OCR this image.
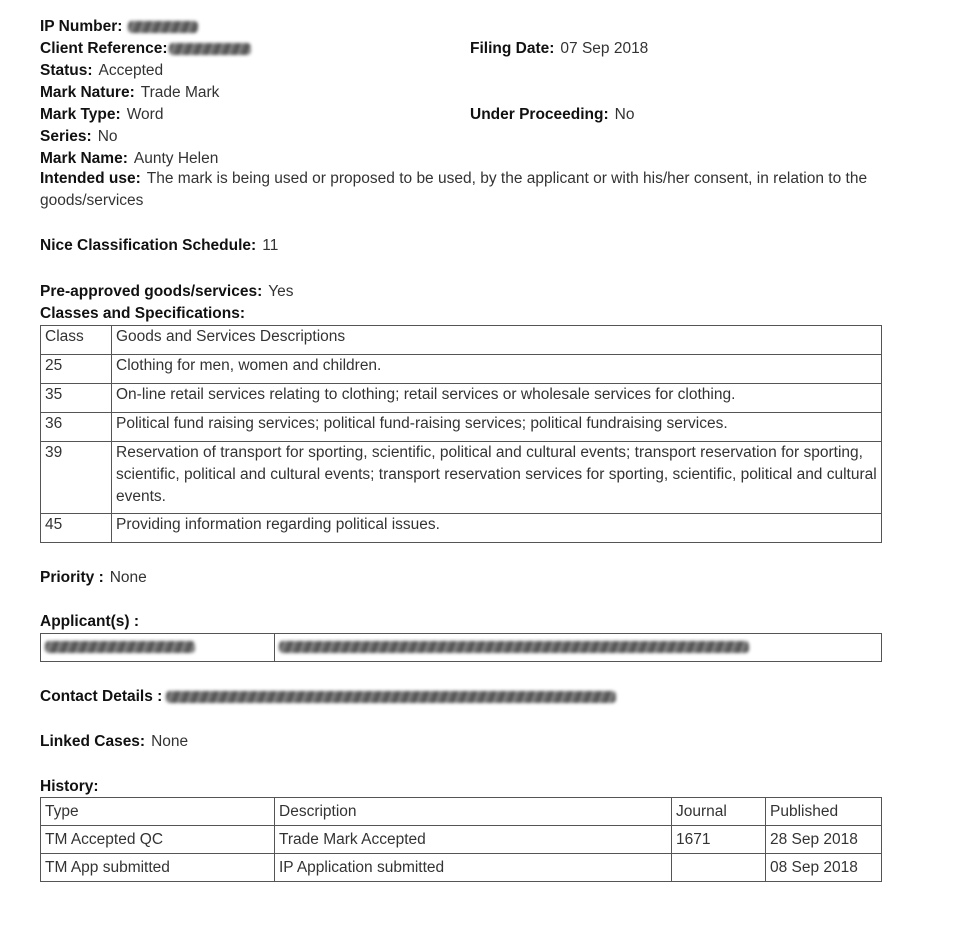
IP Number:
Client Reference:	Filing Date: 07 Sep 2018
Status: Accepted
Mark Nature: Trade Mark
Mark Type: Word	Under Proceeding: No
Series: No
Mark Name: Aunty Helen
Intended use: The mark is being used or proposed to be used, by the applicant or with his/her consent, in relation to the goods/services
Nice Classification Schedule: 11
Pre-approved goods/services: Yes
Classes and Specifications:
Class	Goods and Services Descriptions
25	Clothing for men, women and children.
35	On-line retail services relating to clothing; retail services or wholesale services for clothing.
36	Political fund raising services; political fund-raising services; political fundraising services.
39	Reservation of transport for sporting, scientific, political and cultural events; transport reservation for sporting, scientific, political and cultural events; transport reservation services for sporting, scientific, political and cultural events.
45	Providing information regarding political issues.
Priority : None
Applicant(s) :

Contact Details :
Linked Cases: None
History:
Type	Description	Journal	Published
TM Accepted QC	Trade Mark Accepted	1671	28 Sep 2018
TM App submitted	IP Application submitted		08 Sep 2018
